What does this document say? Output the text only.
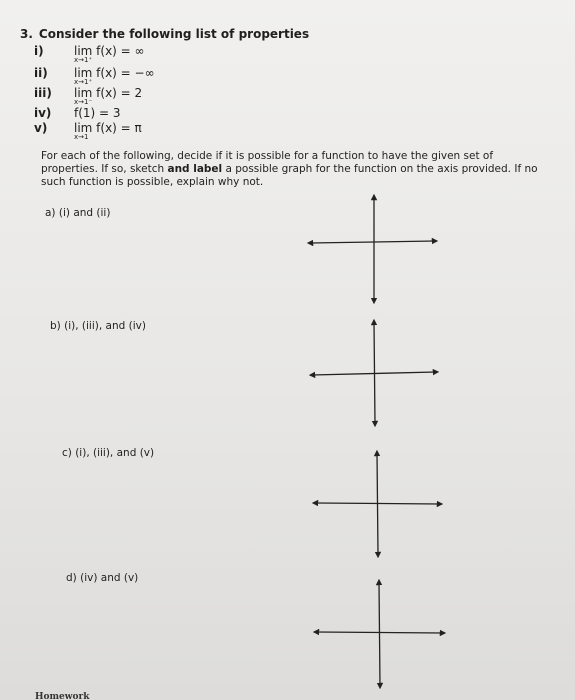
3. Consider the following list of properties
i)	lim f(x) = ∞
x→1⁺
ii)	lim f(x) = −∞
x→1⁺
iii)	lim f(x) = 2
x→1⁻
iv)	f(1) = 3
v)	lim f(x) = π
x→1
For each of the following, decide if it is possible for a function to have the given set of properties. If so, sketch and label a possible graph for the function on the axis provided. If no such function is possible, explain why not.
a) (i) and (ii)
b) (i), (iii), and (iv)
c) (i), (iii), and (v)
d) (iv) and (v)
Homework
